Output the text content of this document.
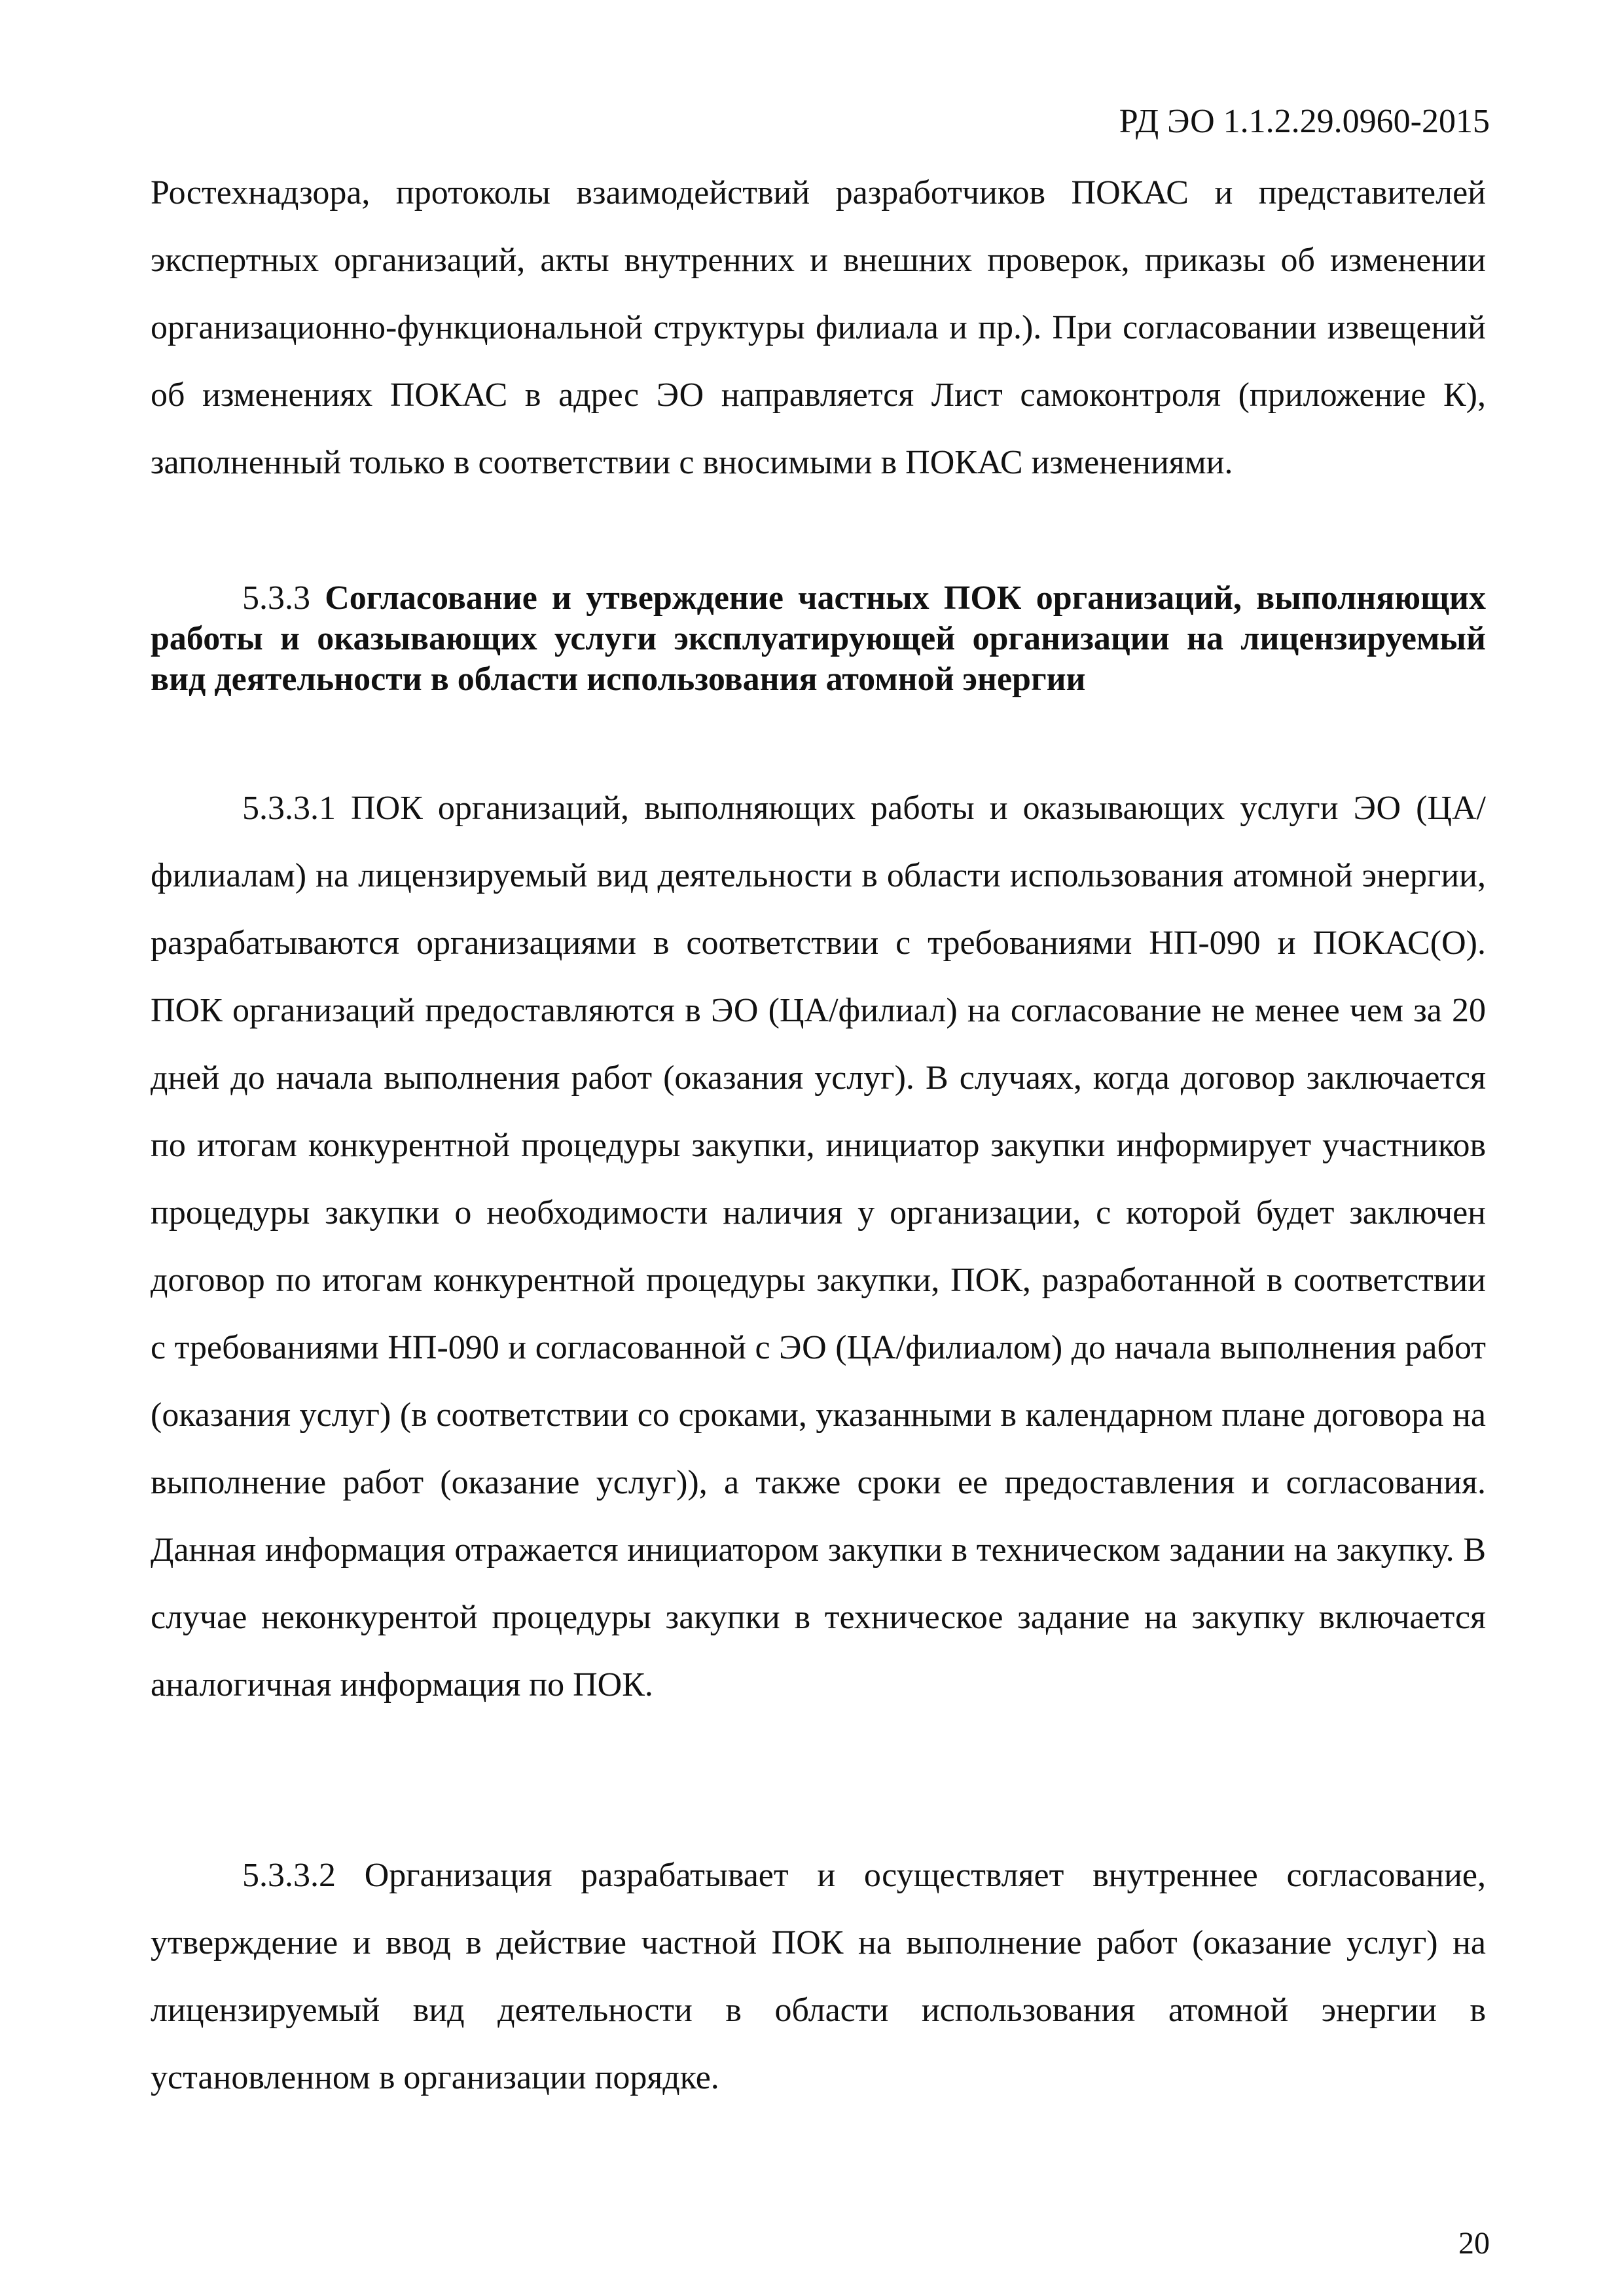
РД ЭО 1.1.2.29.0960-2015

Ростехнадзора, протоколы взаимодействий разработчиков ПОКАС и представителей экспертных организаций, акты внутренних и внешних проверок, приказы об изменении организационно-функциональной структуры филиала и пр.). При согласовании извещений об изменениях ПОКАС в адрес ЭО направляется Лист самоконтроля (приложение К), заполненный только в соответствии с вносимыми в ПОКАС изменениями.

5.3.3 Согласование и утверждение частных ПОК организаций, выполняющих работы и оказывающих услуги эксплуатирующей организации на лицензируемый вид деятельности в области использования атомной энергии

5.3.3.1 ПОК организаций, выполняющих работы и оказывающих услуги ЭО (ЦА/филиалам) на лицензируемый вид деятельности в области использования атомной энергии, разрабатываются организациями в соответствии с требованиями НП-090 и ПОКАС(О). ПОК организаций предоставляются в ЭО (ЦА/филиал) на согласование не менее чем за 20 дней до начала выполнения работ (оказания услуг). В случаях, когда договор заключается по итогам конкурентной процедуры закупки, инициатор закупки информирует участников процедуры закупки о необходимости наличия у организации, с которой будет заключен договор по итогам конкурентной процедуры закупки, ПОК, разработанной в соответствии с требованиями НП-090 и согласованной с ЭО (ЦА/филиалом) до начала выполнения работ (оказания услуг) (в соответствии со сроками, указанными в календарном плане договора на выполнение работ (оказание услуг)), а также сроки ее предоставления и согласования. Данная информация отражается инициатором закупки в техническом задании на закупку. В случае неконкурентой процедуры закупки в техническое задание на закупку включается аналогичная информация по ПОК.

5.3.3.2 Организация разрабатывает и осуществляет внутреннее согласование, утверждение и ввод в действие частной ПОК на выполнение работ (оказание услуг) на лицензируемый вид деятельности в области использования атомной энергии в установленном в организации порядке.

20
